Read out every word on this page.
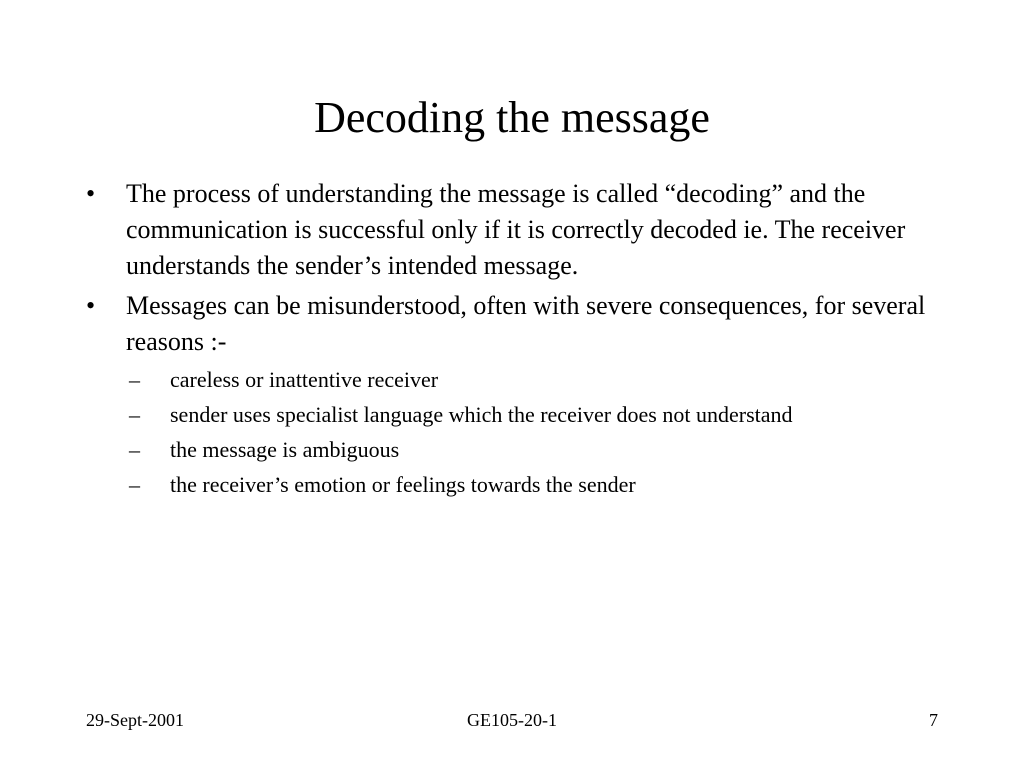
Decoding the message
•	The process of understanding the message is called “decoding” and the communication is successful only if it is correctly decoded ie. The receiver understands the sender’s intended message.
•	Messages can be misunderstood, often with severe consequences, for several reasons :-
– careless or inattentive receiver
– sender uses specialist language which the receiver does not understand
– the message is ambiguous
– the receiver’s emotion or feelings towards the sender
29-Sept-2001	GE105-20-1	7
